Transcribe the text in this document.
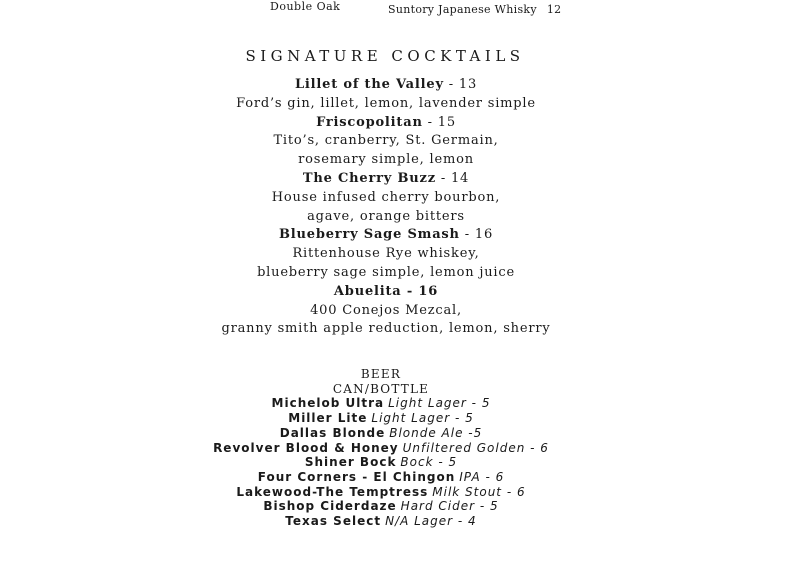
Double Oak	Suntory Japanese Whisky 12
SIGNATURE COCKTAILS
Lillet of the Valley - 13
Ford’s gin, lillet, lemon, lavender simple
Friscopolitan - 15
Tito’s, cranberry, St. Germain,
rosemary simple, lemon
The Cherry Buzz - 14
House infused cherry bourbon,
agave, orange bitters
Blueberry Sage Smash - 16
Rittenhouse Rye whiskey,
blueberry sage simple, lemon juice
Abuelita - 16
400 Conejos Mezcal,
granny smith apple reduction, lemon, sherry
BEER
CAN/BOTTLE
Michelob Ultra Light Lager - 5
Miller Lite Light Lager - 5
Dallas Blonde Blonde Ale -5
Revolver Blood & Honey Unfiltered Golden - 6
Shiner Bock Bock - 5
Four Corners - El Chingon IPA - 6
Lakewood-The Temptress Milk Stout - 6
Bishop Ciderdaze Hard Cider - 5
Texas Select N/A Lager - 4
